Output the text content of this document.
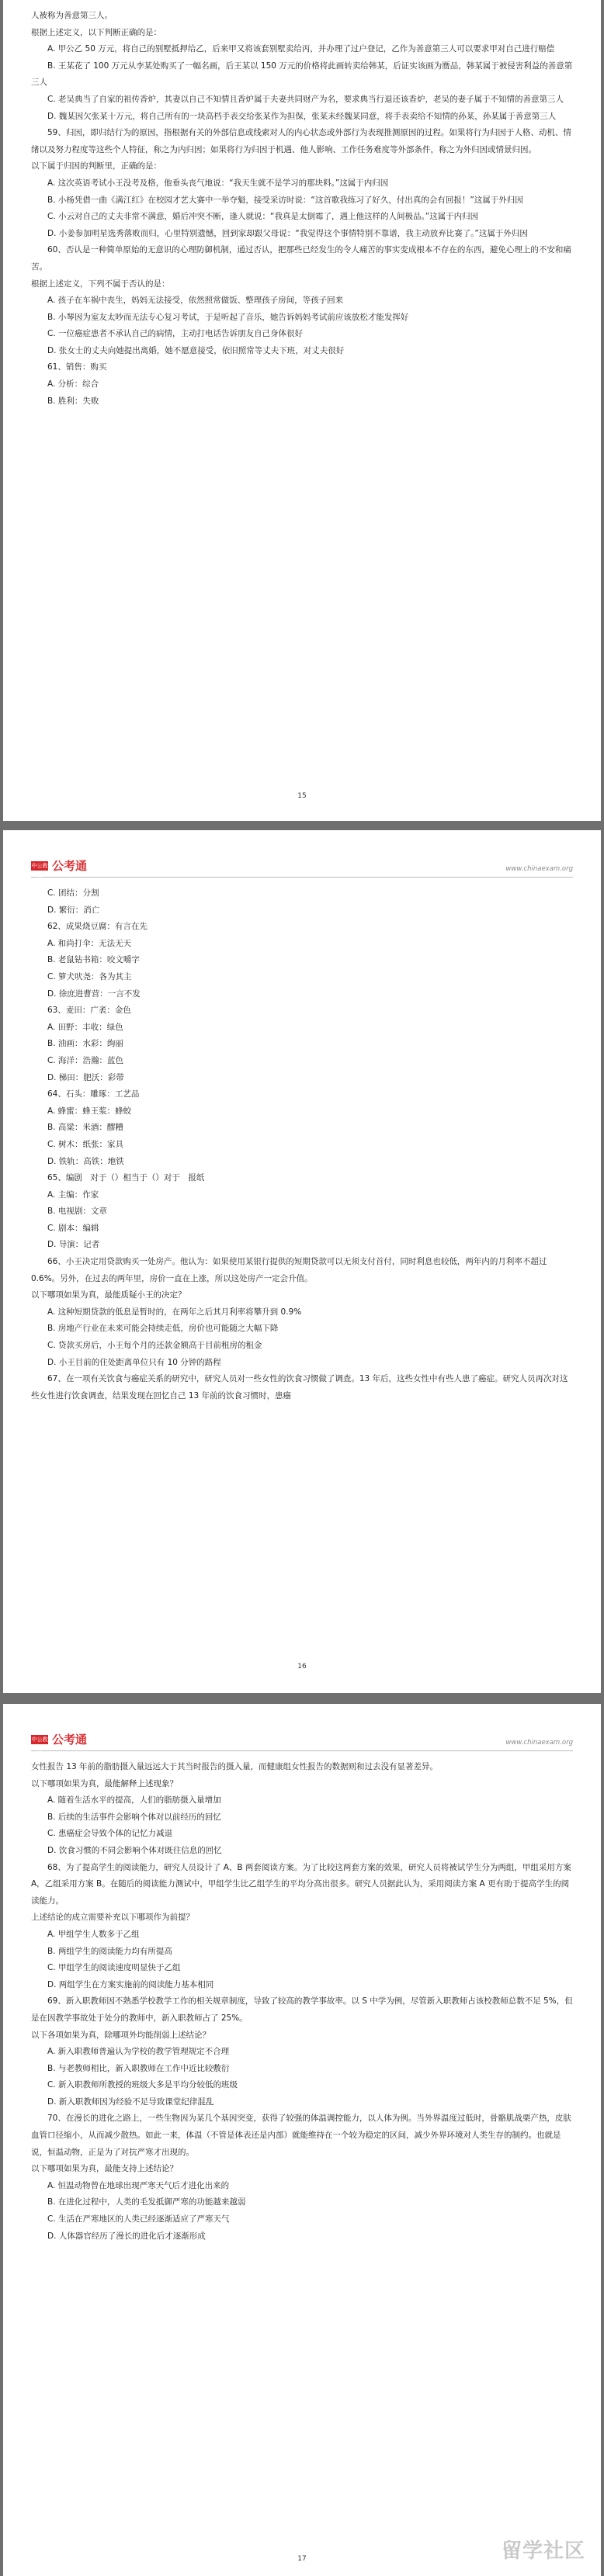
人被称为善意第三人。

根据上述定义，以下判断正确的是：

A. 甲公乙 50 万元，将自己的别墅抵押给乙，后来甲又将该套别墅卖给丙，并办理了过户登记，乙作为善意第三人可以要求甲对自己进行赔偿

B. 王某花了 100 万元从李某处购买了一幅名画，后王某以 150 万元的价格将此画转卖给韩某，后证实该画为赝品，韩某属于被侵害利益的善意第三人

C. 老吴典当了自家的祖传香炉，其妻以自己不知情且香炉属于夫妻共同财产为名，要求典当行退还该香炉，老吴的妻子属于不知情的善意第三人

D. 魏某因欠张某十万元，将自己所有的一块高档手表交给张某作为担保，张某未经魏某同意，将手表卖给不知情的孙某，孙某属于善意第三人

59、归因，即归结行为的原因，指根据有关的外部信息或线索对人的内心状态或外部行为表现推测原因的过程。如果将行为归因于人格、动机、情绪以及努力程度等这些个人特征，称之为内归因；如果将行为归因于机遇、他人影响、工作任务难度等外部条件，称之为外归因或情景归因。

以下属于归因的判断里，正确的是：

A. 这次英语考试小王没考及格，他垂头丧气地说：“我天生就不是学习的那块料。”这属于内归因

B. 小杨凭借一曲《满江红》在校园才艺大赛中一举夺魁，接受采访时说：“这首歌我练习了好久，付出真的会有回报！”这属于外归因

C. 小云对自己的丈夫非常不满意，婚后冲突不断，逢人就说：“我真是太倒霉了，遇上他这样的人间极品。”这属于内归因

D. 小姜参加明星选秀落败而归，心里特别遗憾，回到家却跟父母说：“我觉得这个事情特别不靠谱，我主动放弃比赛了。”这属于外归因

60、否认是一种简单原始的无意识的心理防御机制，通过否认，把那些已经发生的令人痛苦的事实变成根本不存在的东西，避免心理上的不安和痛苦。

根据上述定义，下列不属于否认的是：

A. 孩子在车祸中丧生，妈妈无法接受，依然照常做饭、整理孩子房间，等孩子回来

B. 小琴因为室友太吵而无法专心复习考试，于是听起了音乐，她告诉妈妈考试前应该放松才能发挥好

C. 一位癌症患者不承认自己的病情，主动打电话告诉朋友自己身体很好

D. 张女士的丈夫向她提出离婚，她不愿意接受，依旧照常等丈夫下班，对丈夫很好

61、销售：购买

A. 分析：综合

B. 胜利：失败

15
中公教育
公考通	www.chinaexam.org

C. 团结：分割

D. 繁衍：消亡

62、成果烧豆腐：有言在先

A. 和尚打伞：无法无天

B. 老鼠钻书箱：咬文嚼字

C. 箩犬吠尧：各为其主

D. 徐庶进曹营：一言不发

63、麦田：广袤：金色

A. 田野：丰收：绿色

B. 油画：水彩：绚丽

C. 海洋：浩瀚：蓝色

D. 梯田：肥沃：彩带

64、石头：雕琢：工艺品

A. 蜂蜜：蜂王浆：蜂蛟

B. 高粱：米酒：醪糟

C. 树木：纸张：家具

D. 铁轨：高铁：地铁

65、编剧　对于（）相当于（）对于　报纸

A. 主编：作家

B. 电视剧：文章

C. 剧本：编辑

D. 导演：记者

66、小王决定用贷款购买一处房产。他认为：如果使用某银行提供的短期贷款可以无须支付首付，同时利息也较低，两年内的月利率不超过 0.6%。另外，在过去的两年里，房价一直在上涨，所以这处房产一定会升值。

以下哪项如果为真，最能质疑小王的决定？

A. 这种短期贷款的低息是暂时的，在两年之后其月利率将攀升到 0.9%

B. 房地产行业在未来可能会持续走低，房价也可能随之大幅下降

C. 贷款买房后，小王每个月的还款金额高于目前租房的租金

D. 小王目前的住处距离单位只有 10 分钟的路程

67、在一项有关饮食与癌症关系的研究中，研究人员对一些女性的饮食习惯做了调查。13 年后，这些女性中有些人患了癌症。研究人员再次对这些女性进行饮食调查，结果发现在回忆自己 13 年前的饮食习惯时，患癌

16
中公教育
公考通	www.chinaexam.org

女性报告 13 年前的脂肪摄入量远远大于其当时报告的摄入量，而健康组女性报告的数据则和过去没有显著差异。

以下哪项如果为真，最能解释上述现象？

A. 随着生活水平的提高，人们的脂肪摄入量增加

B. 后续的生活事件会影响个体对以前经历的回忆

C. 患癌症会导致个体的记忆力减退

D. 饮食习惯的不同会影响个体对既往信息的回忆

68、为了提高学生的阅读能力，研究人员设计了 A、B 两套阅读方案。为了比较这两套方案的效果，研究人员将被试学生分为两组，甲组采用方案 A，乙组采用方案 B。在随后的阅读能力测试中，甲组学生比乙组学生的平均分高出很多。研究人员据此认为，采用阅读方案 A 更有助于提高学生的阅读能力。

上述结论的成立需要补充以下哪项作为前提？

A. 甲组学生人数多于乙组

B. 两组学生的阅读能力均有所提高

C. 甲组学生的阅读速度明显快于乙组

D. 两组学生在方案实施前的阅读能力基本相同

69、新入职教师因不熟悉学校教学工作的相关规章制度，导致了较高的教学事故率。以 S 中学为例，尽管新入职教师占该校教师总数不足 5%，但是在因教学事故处于处分的教师中，新入职教师占了 25%。

以下各项如果为真，除哪项外均能削弱上述结论？

A. 新入职教师普遍认为学校的教学管理规定不合理

B. 与老教师相比，新入职教师在工作中近比较敷衍

C. 新入职教师所教授的班级大多是平均分较低的班级

D. 新入职教师因为经验不足导致课堂纪律混乱

70、在漫长的进化之路上，一些生物因为某几个基因突变，获得了较强的体温调控能力，以人体为例。当外界温度过低时，骨骼肌战栗产热，皮肤血管口径缩小，从而减少散热。如此一来，体温（不管是体表还是内部）就能维持在一个较为稳定的区间，减少外界环境对人类生存的制约。也就是说，恒温动物，正是为了对抗严寒才出现的。

以下哪项如果为真，最能支持上述结论？

A. 恒温动物曾在地球出现严寒天气后才进化出来的

B. 在进化过程中，人类的毛发抵御严寒的功能越来越弱

C. 生活在严寒地区的人类已经逐渐适应了严寒天气

D. 人体器官经历了漫长的进化后才逐渐形成

17	留学社区
